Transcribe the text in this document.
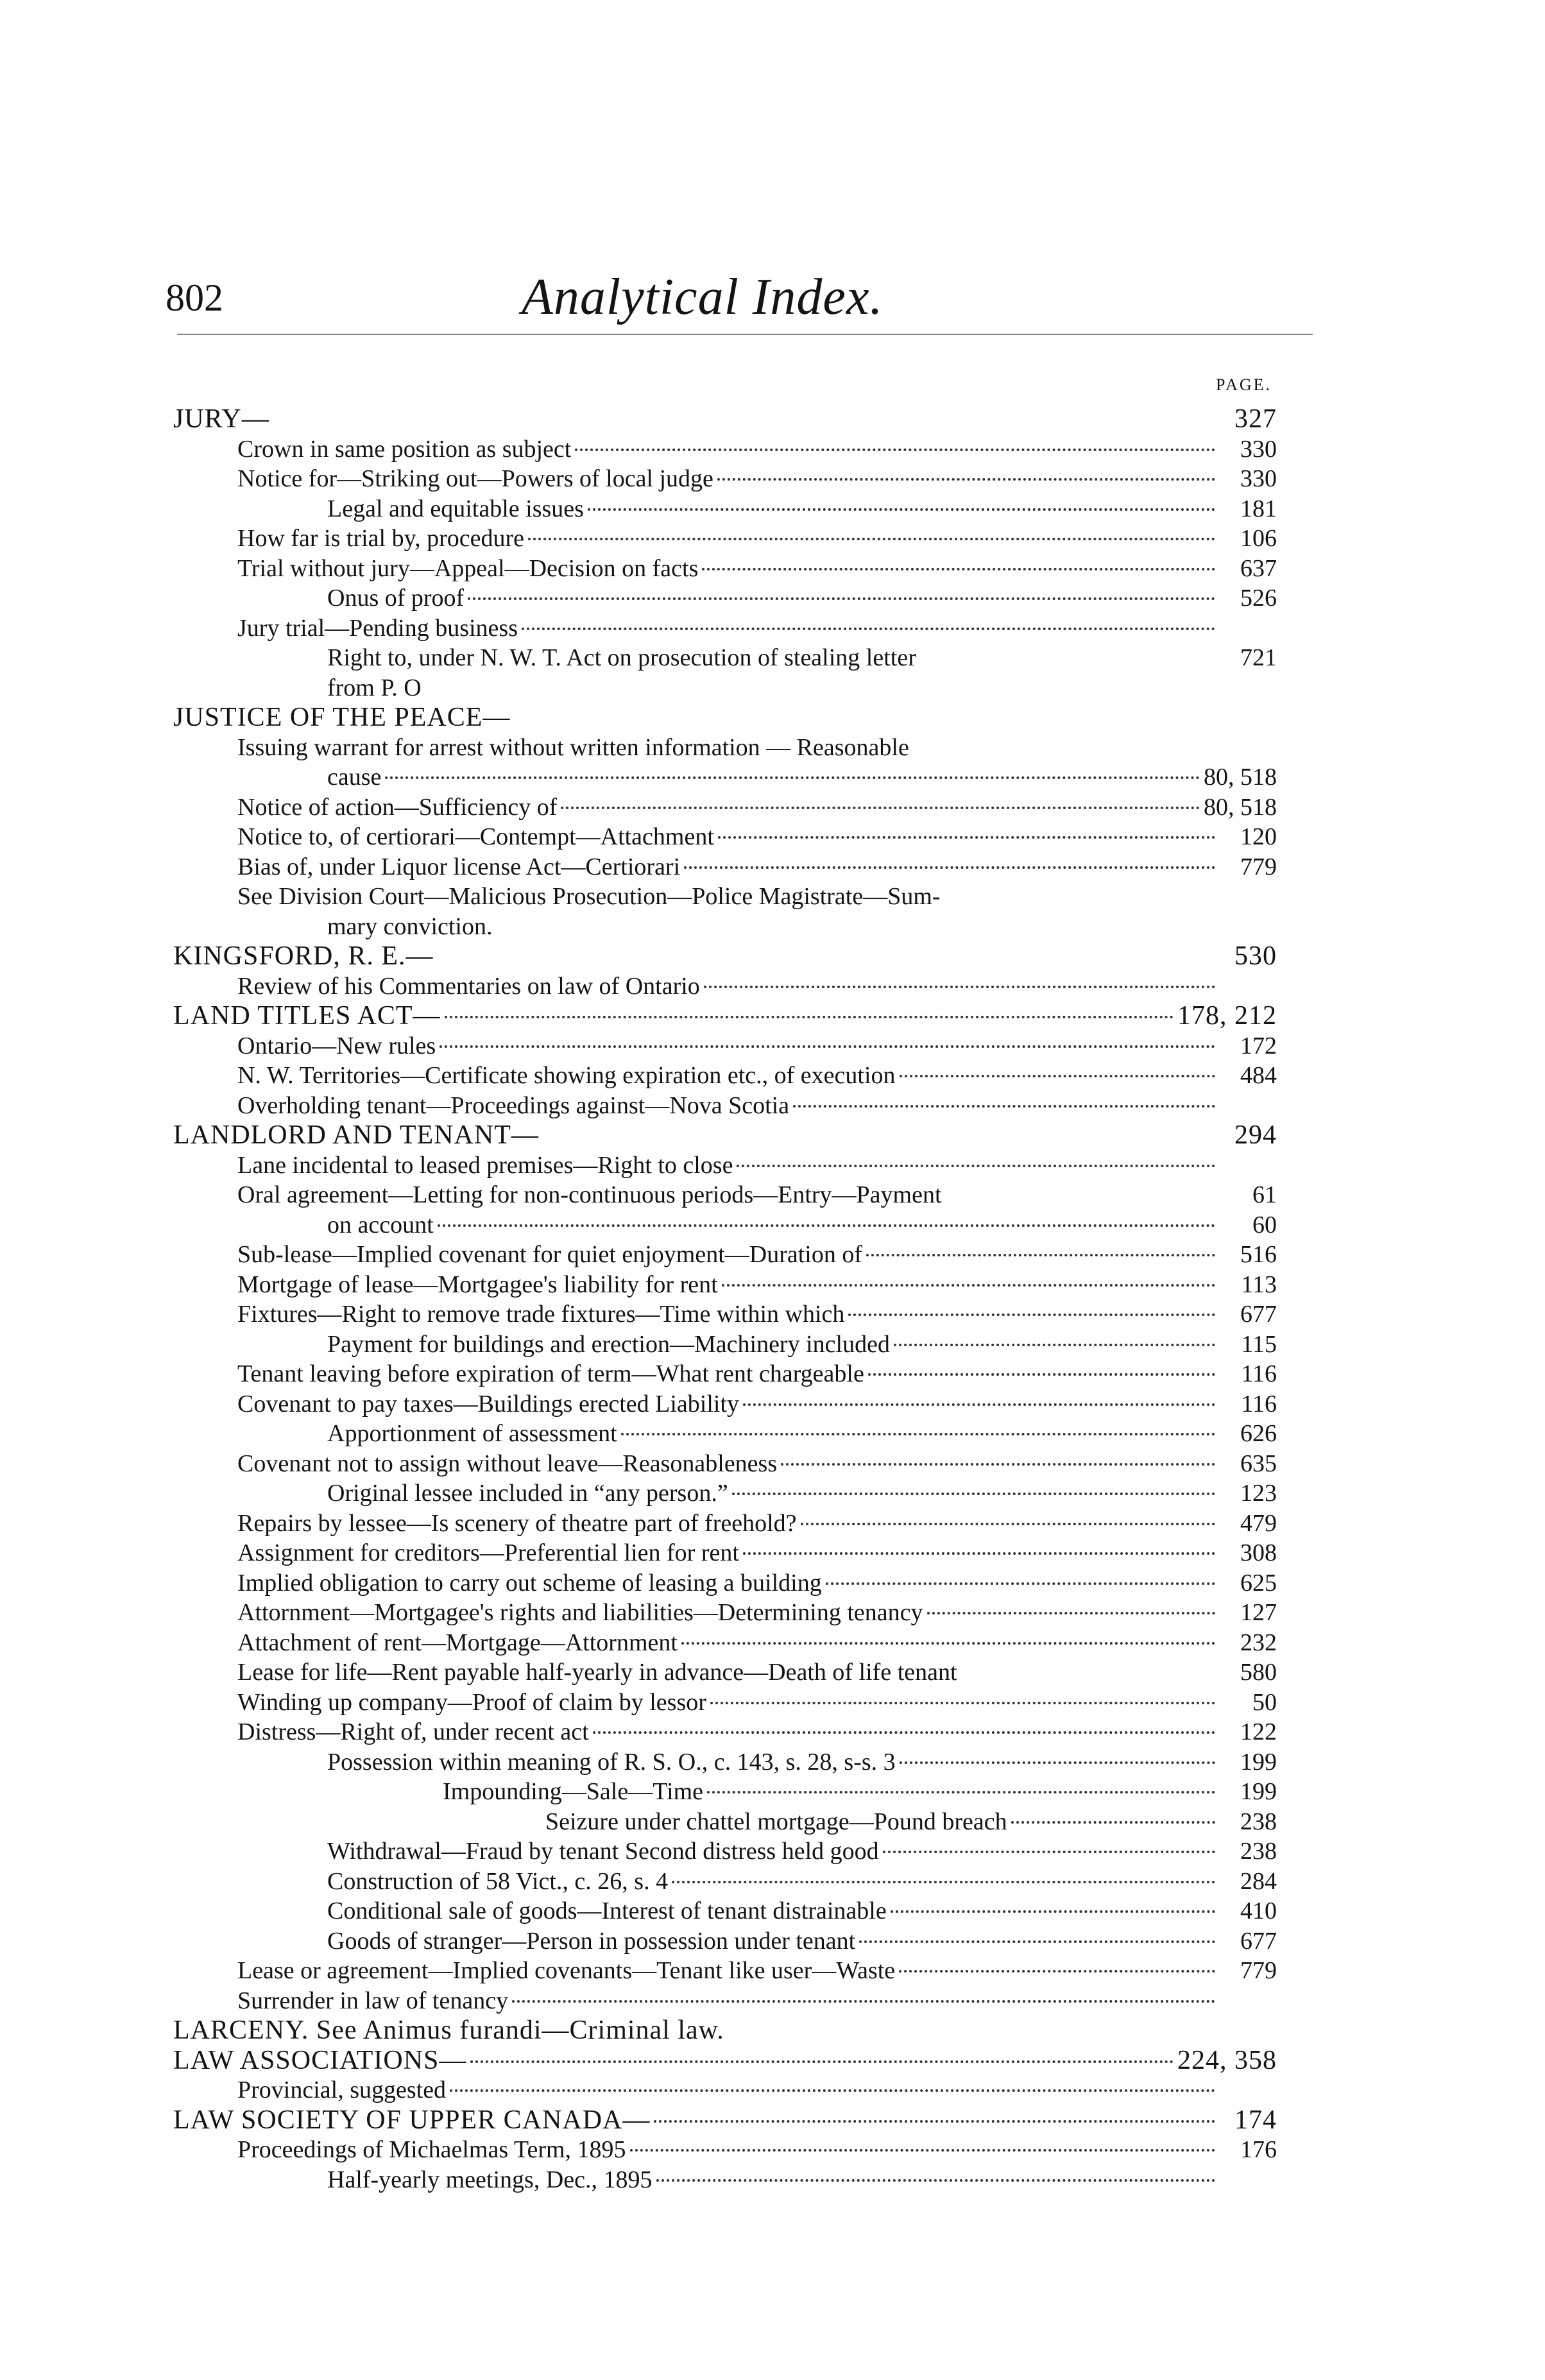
802	Analytical Index.
PAGE.
JURY—	327
Crown in same position as subject	330
Notice for—Striking out—Powers of local judge	330
Legal and equitable issues	181
How far is trial by, procedure	106
Trial without jury—Appeal—Decision on facts	637
Onus of proof	526
Jury trial—Pending business
Right to, under N. W. T. Act on prosecution of stealing letter	721
from P. O
JUSTICE OF THE PEACE—
Issuing warrant for arrest without written information — Reasonable
cause	80, 518
Notice of action—Sufficiency of	80, 518
Notice to, of certiorari—Contempt—Attachment	120
Bias of, under Liquor license Act—Certiorari	779
See Division Court—Malicious Prosecution—Police Magistrate—Sum-
mary conviction.
KINGSFORD, R. E.—	530
Review of his Commentaries on law of Ontario
LAND TITLES ACT—	178, 212
Ontario—New rules	172
N. W. Territories—Certificate showing expiration etc., of execution	484
Overholding tenant—Proceedings against—Nova Scotia
LANDLORD AND TENANT—	294
Lane incidental to leased premises—Right to close
Oral agreement—Letting for non-continuous periods—Entry—Payment	61
on account	60
Sub-lease—Implied covenant for quiet enjoyment—Duration of	516
Mortgage of lease—Mortgagee's liability for rent	113
Fixtures—Right to remove trade fixtures—Time within which	677
Payment for buildings and erection—Machinery included	115
Tenant leaving before expiration of term—What rent chargeable	116
Covenant to pay taxes—Buildings erected Liability	116
Apportionment of assessment	626
Covenant not to assign without leave—Reasonableness	635
Original lessee included in “any person.”	123
Repairs by lessee—Is scenery of theatre part of freehold?	479
Assignment for creditors—Preferential lien for rent	308
Implied obligation to carry out scheme of leasing a building	625
Attornment—Mortgagee's rights and liabilities—Determining tenancy	127
Attachment of rent—Mortgage—Attornment	232
Lease for life—Rent payable half-yearly in advance—Death of life tenant	580
Winding up company—Proof of claim by lessor	50
Distress—Right of, under recent act	122
Possession within meaning of R. S. O., c. 143, s. 28, s-s. 3	199
Impounding—Sale—Time	199
Seizure under chattel mortgage—Pound breach	238
Withdrawal—Fraud by tenant Second distress held good	238
Construction of 58 Vict., c. 26, s. 4	284
Conditional sale of goods—Interest of tenant distrainable	410
Goods of stranger—Person in possession under tenant	677
Lease or agreement—Implied covenants—Tenant like user—Waste	779
Surrender in law of tenancy
LARCENY. See Animus furandi—Criminal law.
LAW ASSOCIATIONS—	224, 358
Provincial, suggested
LAW SOCIETY OF UPPER CANADA—	174
Proceedings of Michaelmas Term, 1895	176
Half-yearly meetings, Dec., 1895
